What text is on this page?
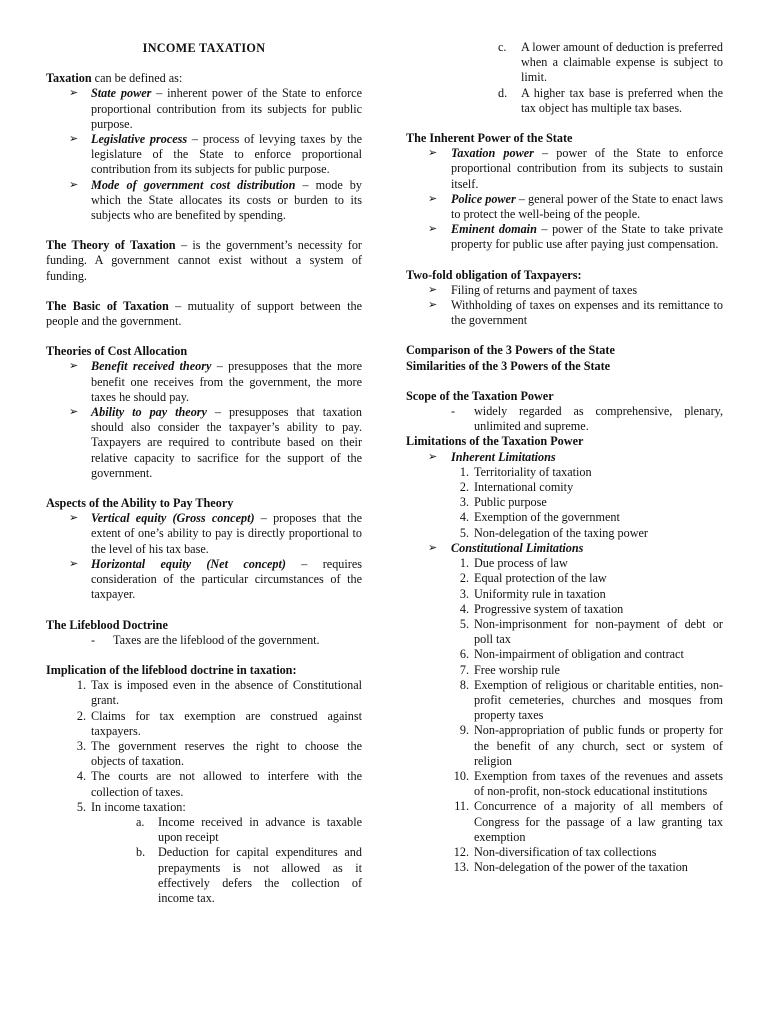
INCOME TAXATION

Taxation can be defined as:

➢ State power – inherent power of the State to enforce proportional contribution from its subjects for public purpose.
➢ Legislative process – process of levying taxes by the legislature of the State to enforce proportional contribution from its subjects for public purpose.
➢ Mode of government cost distribution – mode by which the State allocates its costs or burden to its subjects who are benefited by spending.

The Theory of Taxation – is the government’s necessity for funding. A government cannot exist without a system of funding.

The Basic of Taxation – mutuality of support between the people and the government.

Theories of Cost Allocation

➢ Benefit received theory – presupposes that the more benefit one receives from the government, the more taxes he should pay.
➢ Ability to pay theory – presupposes that taxation should also consider the taxpayer’s ability to pay. Taxpayers are required to contribute based on their relative capacity to sacrifice for the support of the government.

Aspects of the Ability to Pay Theory

➢ Vertical equity (Gross concept) – proposes that the extent of one’s ability to pay is directly proportional to the level of his tax base.
➢ Horizontal equity (Net concept) – requires consideration of the particular circumstances of the taxpayer.

The Lifeblood Doctrine

- Taxes are the lifeblood of the government.

Implication of the lifeblood doctrine in taxation:

1. Tax is imposed even in the absence of Constitutional grant.
2. Claims for tax exemption are construed against taxpayers.
3. The government reserves the right to choose the objects of taxation.
4. The courts are not allowed to interfere with the collection of taxes.
5. In income taxation:
a. Income received in advance is taxable upon receipt
b. Deduction for capital expenditures and prepayments is not allowed as it effectively defers the collection of income tax.
c. A lower amount of deduction is preferred when a claimable expense is subject to limit.
d. A higher tax base is preferred when the tax object has multiple tax bases.

The Inherent Power of the State

➢ Taxation power – power of the State to enforce proportional contribution from its subjects to sustain itself.
➢ Police power – general power of the State to enact laws to protect the well-being of the people.
➢ Eminent domain – power of the State to take private property for public use after paying just compensation.

Two-fold obligation of Taxpayers:

➢ Filing of returns and payment of taxes
➢ Withholding of taxes on expenses and its remittance to the government

Comparison of the 3 Powers of the State

Similarities of the 3 Powers of the State

Scope of the Taxation Power

- widely regarded as comprehensive, plenary, unlimited and supreme.

Limitations of the Taxation Power

➢ Inherent Limitations
1. Territoriality of taxation
2. International comity
3. Public purpose
4. Exemption of the government
5. Non-delegation of the taxing power
➢ Constitutional Limitations
1. Due process of law
2. Equal protection of the law
3. Uniformity rule in taxation
4. Progressive system of taxation
5. Non-imprisonment for non-payment of debt or poll tax
6. Non-impairment of obligation and contract
7. Free worship rule
8. Exemption of religious or charitable entities, non-profit cemeteries, churches and mosques from property taxes
9. Non-appropriation of public funds or property for the benefit of any church, sect or system of religion
10. Exemption from taxes of the revenues and assets of non-profit, non-stock educational institutions
11. Concurrence of a majority of all members of Congress for the passage of a law granting tax exemption
12. Non-diversification of tax collections
13. Non-delegation of the power of the taxation
